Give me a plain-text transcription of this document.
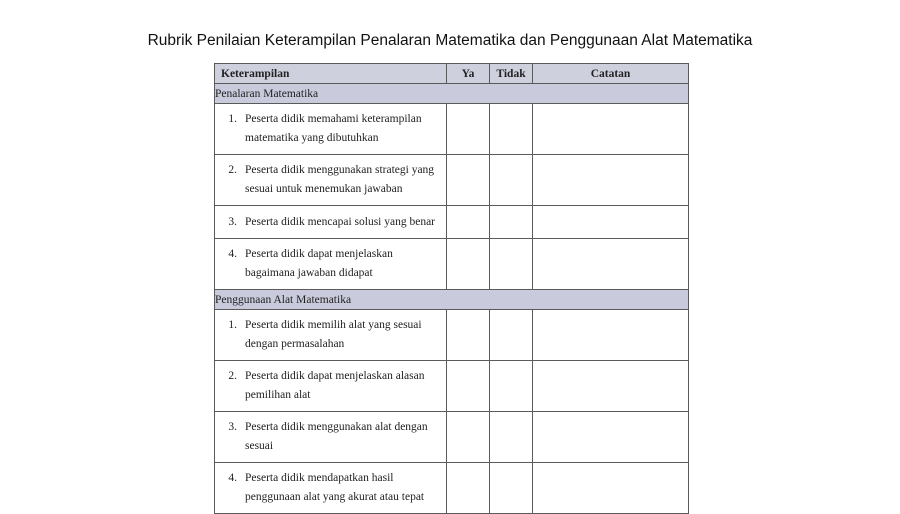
Rubrik Penilaian Keterampilan Penalaran Matematika dan Penggunaan Alat Matematika
Keterampilan	Ya	Tidak	Catatan
Penalaran Matematika			

1. Peserta didik memahami keterampilan
matematika yang dibutuhkan			

2. Peserta didik menggunakan strategi yang
sesuai untuk menemukan jawaban			

3. Peserta didik mencapai solusi yang benar			

4. Peserta didik dapat menjelaskan
bagaimana jawaban didapat			

Penggunaan Alat Matematika			

1. Peserta didik memilih alat yang sesuai
dengan permasalahan			

2. Peserta didik dapat menjelaskan alasan
pemilihan alat			

3. Peserta didik menggunakan alat dengan
sesuai			

4. Peserta didik mendapatkan hasil
penggunaan alat yang akurat atau tepat			
